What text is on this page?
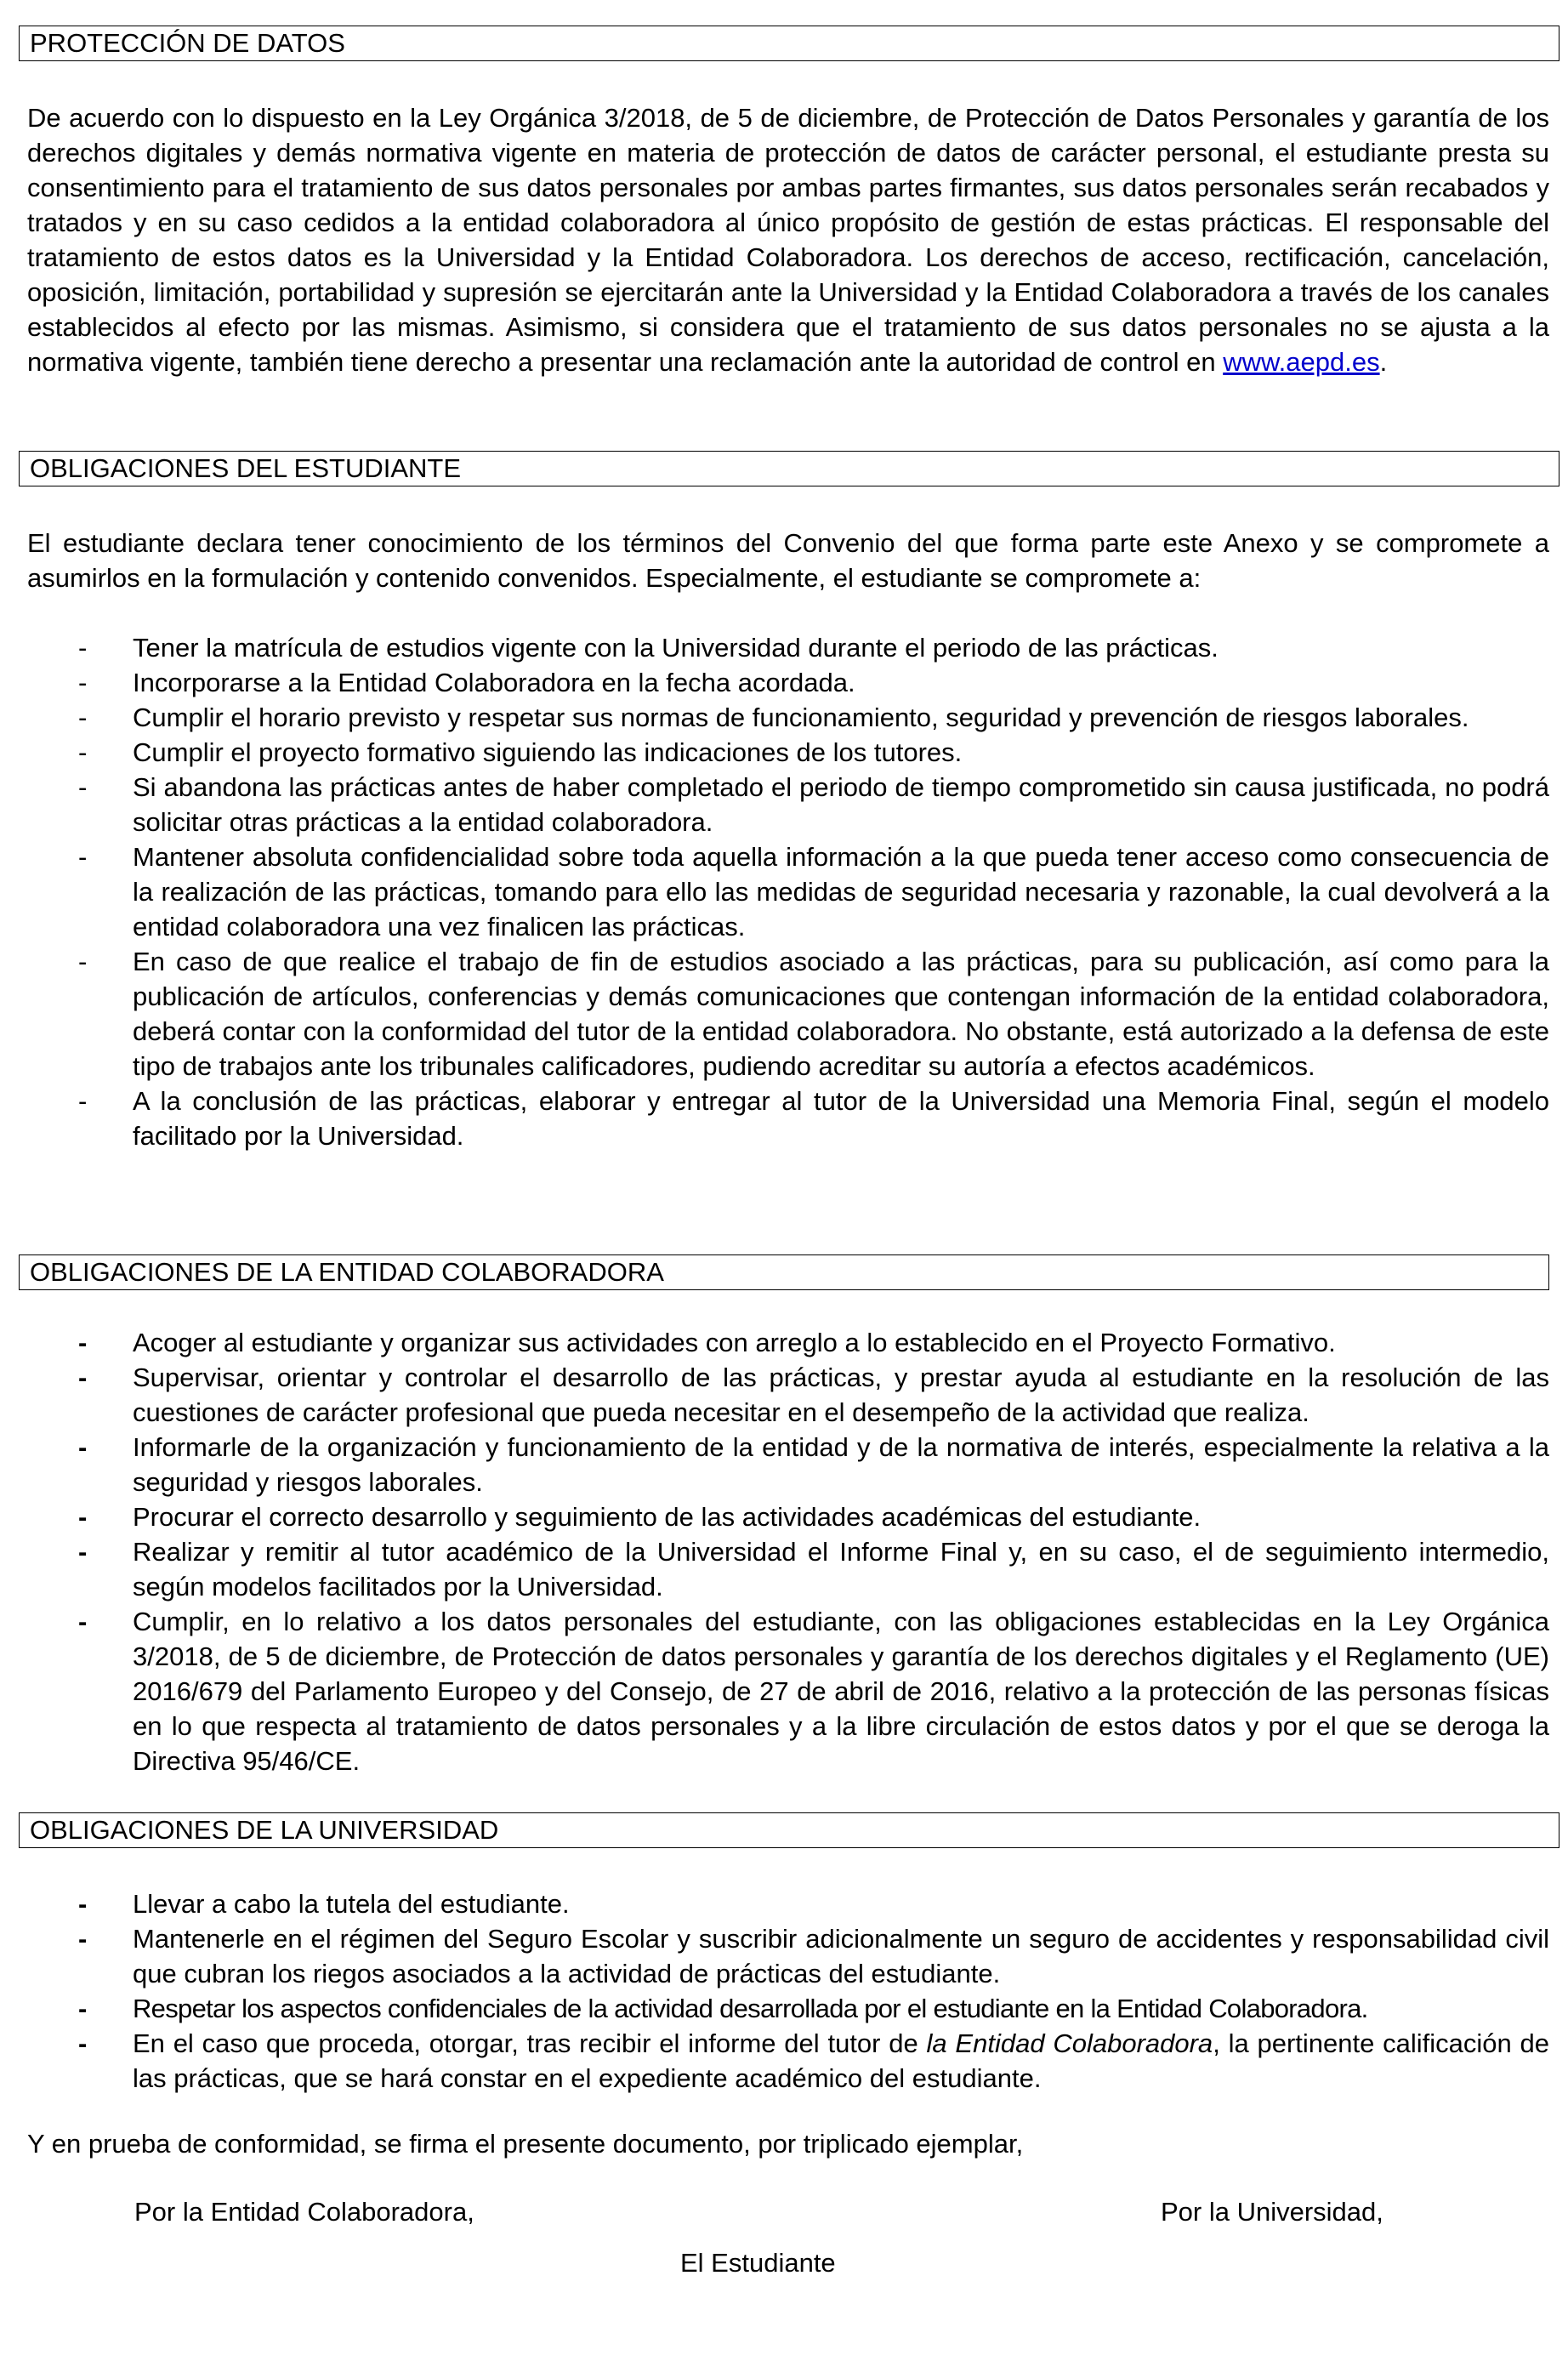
PROTECCIÓN DE DATOS

De acuerdo con lo dispuesto en la Ley Orgánica 3/2018, de 5 de diciembre, de Protección de Datos Personales y garantía de los derechos digitales y demás normativa vigente en materia de protección de datos de carácter personal, el estudiante presta su consentimiento para el tratamiento de sus datos personales por ambas partes firmantes, sus datos personales serán recabados y tratados y en su caso cedidos a la entidad colaboradora al único propósito de gestión de estas prácticas. El responsable del tratamiento de estos datos es la Universidad y la Entidad Colaboradora. Los derechos de acceso, rectificación, cancelación, oposición, limitación, portabilidad y supresión se ejercitarán ante la Universidad y la Entidad Colaboradora a través de los canales establecidos al efecto por las mismas. Asimismo, si considera que el tratamiento de sus datos personales no se ajusta a la normativa vigente, también tiene derecho a presentar una reclamación ante la autoridad de control en www.aepd.es.

OBLIGACIONES DEL ESTUDIANTE

El estudiante declara tener conocimiento de los términos del Convenio del que forma parte este Anexo y se compromete a asumirlos en la formulación y contenido convenidos. Especialmente, el estudiante se compromete a:

- Tener la matrícula de estudios vigente con la Universidad durante el periodo de las prácticas.
- Incorporarse a la Entidad Colaboradora en la fecha acordada.
- Cumplir el horario previsto y respetar sus normas de funcionamiento, seguridad y prevención de riesgos laborales.
- Cumplir el proyecto formativo siguiendo las indicaciones de los tutores.
- Si abandona las prácticas antes de haber completado el periodo de tiempo comprometido sin causa justificada, no podrá solicitar otras prácticas a la entidad colaboradora.
- Mantener absoluta confidencialidad sobre toda aquella información a la que pueda tener acceso como consecuencia de la realización de las prácticas, tomando para ello las medidas de seguridad necesaria y razonable, la cual devolverá a la entidad colaboradora una vez finalicen las prácticas.
- En caso de que realice el trabajo de fin de estudios asociado a las prácticas, para su publicación, así como para la publicación de artículos, conferencias y demás comunicaciones que contengan información de la entidad colaboradora, deberá contar con la conformidad del tutor de la entidad colaboradora. No obstante, está autorizado a la defensa de este tipo de trabajos ante los tribunales calificadores, pudiendo acreditar su autoría a efectos académicos.
- A la conclusión de las prácticas, elaborar y entregar al tutor de la Universidad una Memoria Final, según el modelo facilitado por la Universidad.
OBLIGACIONES DE LA ENTIDAD COLABORADORA
- Acoger al estudiante y organizar sus actividades con arreglo a lo establecido en el Proyecto Formativo.
- Supervisar, orientar y controlar el desarrollo de las prácticas, y prestar ayuda al estudiante en la resolución de las cuestiones de carácter profesional que pueda necesitar en el desempeño de la actividad que realiza.
- Informarle de la organización y funcionamiento de la entidad y de la normativa de interés, especialmente la relativa a la seguridad y riesgos laborales.
- Procurar el correcto desarrollo y seguimiento de las actividades académicas del estudiante.
- Realizar y remitir al tutor académico de la Universidad el Informe Final y, en su caso, el de seguimiento intermedio, según modelos facilitados por la Universidad.
- Cumplir, en lo relativo a los datos personales del estudiante, con las obligaciones establecidas en la Ley Orgánica 3/2018, de 5 de diciembre, de Protección de datos personales y garantía de los derechos digitales y el Reglamento (UE) 2016/679 del Parlamento Europeo y del Consejo, de 27 de abril de 2016, relativo a la protección de las personas físicas en lo que respecta al tratamiento de datos personales y a la libre circulación de estos datos y por el que se deroga la Directiva 95/46/CE.
OBLIGACIONES DE LA UNIVERSIDAD
- Llevar a cabo la tutela del estudiante.
- Mantenerle en el régimen del Seguro Escolar y suscribir adicionalmente un seguro de accidentes y responsabilidad civil que cubran los riegos asociados a la actividad de prácticas del estudiante.
- Respetar los aspectos confidenciales de la actividad desarrollada por el estudiante en la Entidad Colaboradora.
- En el caso que proceda, otorgar, tras recibir el informe del tutor de la Entidad Colaboradora, la pertinente calificación de las prácticas, que se hará constar en el expediente académico del estudiante.
Y en prueba de conformidad, se firma el presente documento, por triplicado ejemplar,
Por la Entidad Colaboradora,	Por la Universidad,
El Estudiante
